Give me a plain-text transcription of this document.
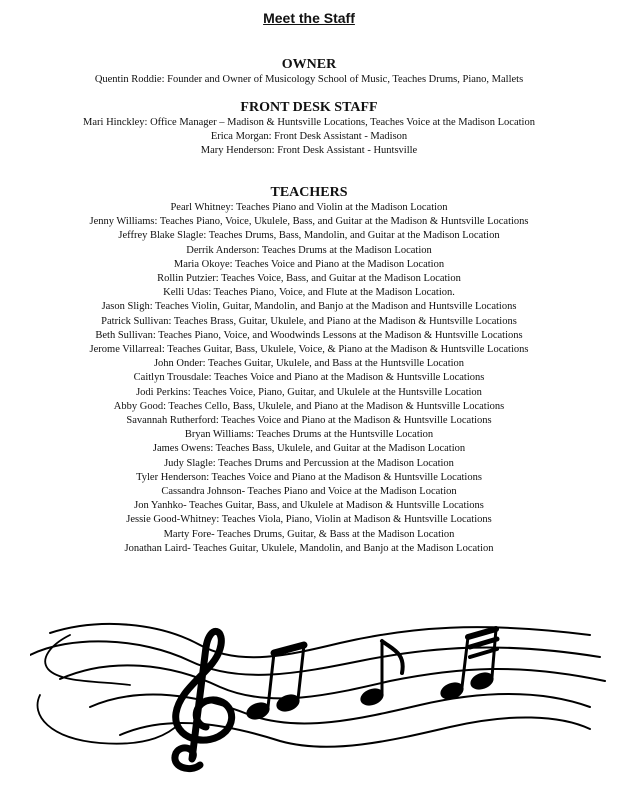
Meet the Staff

OWNER

Quentin Roddie: Founder and Owner of Musicology School of Music, Teaches Drums, Piano, Mallets

FRONT DESK STAFF

Mari Hinckley: Office Manager – Madison & Huntsville Locations, Teaches Voice at the Madison Location

Erica Morgan: Front Desk Assistant - Madison

Mary Henderson: Front Desk Assistant - Huntsville

TEACHERS

Pearl Whitney: Teaches Piano and Violin at the Madison Location

Jenny Williams: Teaches Piano, Voice, Ukulele, Bass, and Guitar at the Madison & Huntsville Locations

Jeffrey Blake Slagle: Teaches Drums, Bass, Mandolin, and Guitar at the Madison Location

Derrik Anderson: Teaches Drums at the Madison Location

Maria Okoye: Teaches Voice and Piano at the Madison Location

Rollin Putzier: Teaches Voice, Bass, and Guitar at the Madison Location

Kelli Udas: Teaches Piano, Voice, and Flute at the Madison Location.

Jason Sligh: Teaches Violin, Guitar, Mandolin, and Banjo at the Madison and Huntsville Locations

Patrick Sullivan: Teaches Brass, Guitar, Ukulele, and Piano at the Madison & Huntsville Locations

Beth Sullivan: Teaches Piano, Voice, and Woodwinds Lessons at the Madison & Huntsville Locations

Jerome Villarreal: Teaches Guitar, Bass, Ukulele, Voice, & Piano at the Madison & Huntsville Locations

John Onder: Teaches Guitar, Ukulele, and Bass at the Huntsville Location

Caitlyn Trousdale: Teaches Voice and Piano at the Madison & Huntsville Locations

Jodi Perkins: Teaches Voice, Piano, Guitar, and Ukulele at the Huntsville Location

Abby Good: Teaches Cello, Bass, Ukulele, and Piano at the Madison & Huntsville Locations

Savannah Rutherford: Teaches Voice and Piano at the Madison & Huntsville Locations

Bryan Williams: Teaches Drums at the Huntsville Location

James Owens: Teaches Bass, Ukulele, and Guitar at the Madison Location

Judy Slagle: Teaches Drums and Percussion at the Madison Location

Tyler Henderson: Teaches Voice and Piano at the Madison & Huntsville Locations

Cassandra Johnson- Teaches Piano and Voice at the Madison Location

Jon Yanhko- Teaches Guitar, Bass, and Ukulele at Madison & Huntsville Locations

Jessie Good-Whitney: Teaches Viola, Piano, Violin at Madison & Huntsville Locations

Marty Fore- Teaches Drums, Guitar, & Bass at the Madison Location

Jonathan Laird- Teaches Guitar, Ukulele, Mandolin, and Banjo at the Madison Location
